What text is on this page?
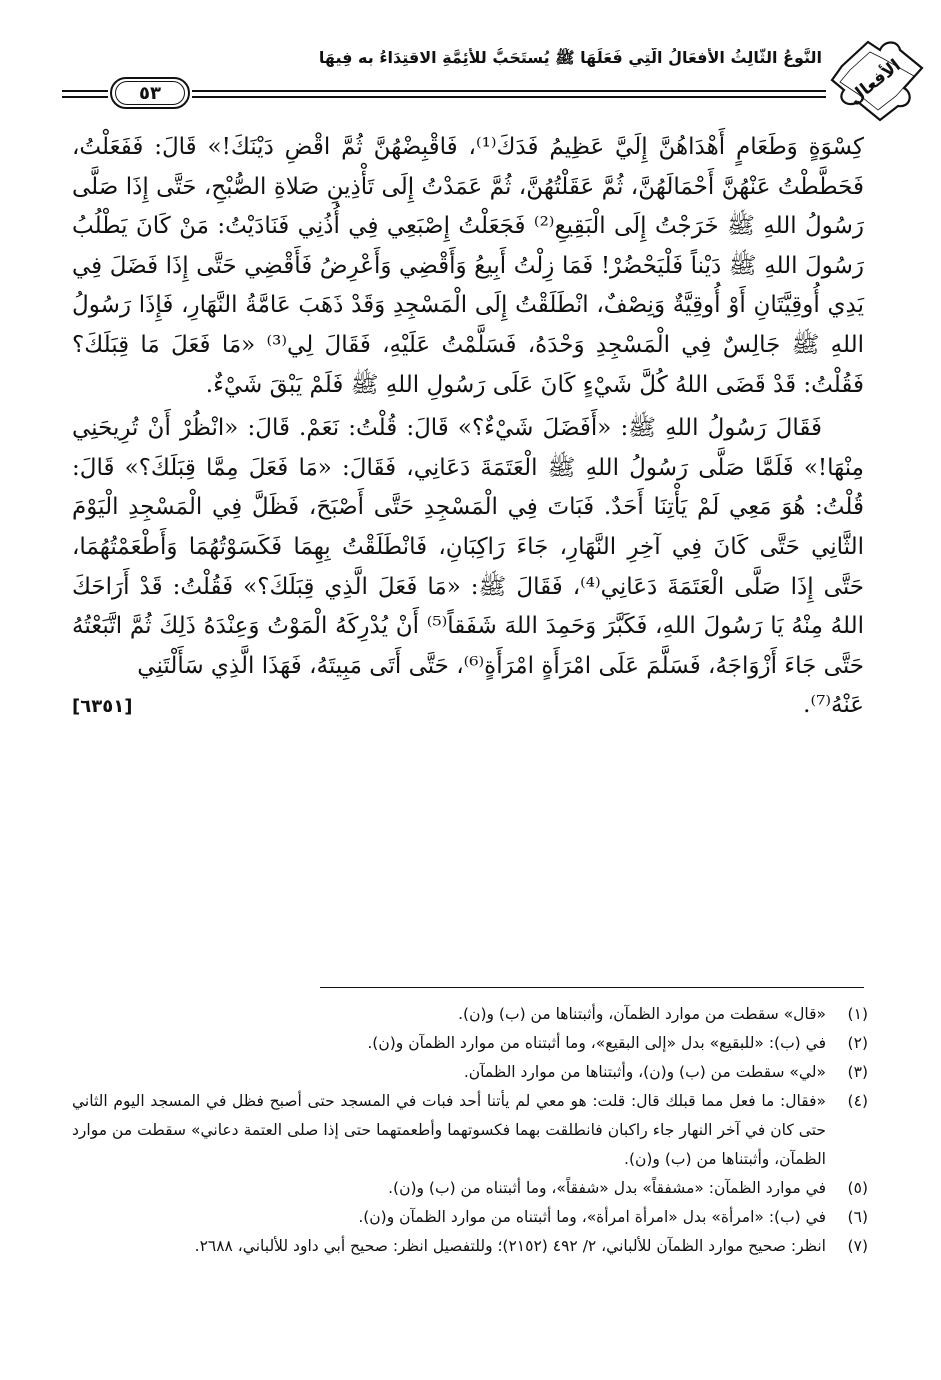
الأفعال
النَّوعُ الثَّالِثُ الأَفعَالُ الَّتِي فَعَلَهَا ﷺ يُستَحَبُّ للأئِمَّةِ الاقتِدَاءُ به فِيهَا
٥٣

كِسْوَةٍ وَطَعَامٍ أَهْدَاهُنَّ إِلَيَّ عَظِيمُ فَدَكَ⁽¹⁾، فَاقْبِضْهُنَّ ثُمَّ اقْضِ دَيْنَكَ!» قَالَ: فَفَعَلْتُ، فَحَطَّطْتُ عَنْهُنَّ أَحْمَالَهُنَّ، ثُمَّ عَقَلْتُهُنَّ، ثُمَّ عَمَدْتُ إِلَى تَأْذِينِ صَلاةِ الصُّبْحِ، حَتَّى إِذَا صَلَّى رَسُولُ اللهِ ﷺ خَرَجْتُ إِلَى الْبَقِيعِ⁽²⁾ فَجَعَلْتُ إِصْبَعِي فِي أُذُنِي فَنَادَيْتُ: مَنْ كَانَ يَطْلُبُ رَسُولَ اللهِ ﷺ دَيْناً فَلْيَحْضُرْ! فَمَا زِلْتُ أَبِيعُ وَأَقْضِي وَأَعْرِضُ فَأَقْضِي حَتَّى إِذَا فَضَلَ فِي يَدِي أُوقِيَّتَانِ أَوْ أُوقِيَّةٌ وَنِصْفٌ، انْطَلَقْتُ إِلَى الْمَسْجِدِ وَقَدْ ذَهَبَ عَامَّةُ النَّهَارِ، فَإِذَا رَسُولُ اللهِ ﷺ جَالِسٌ فِي الْمَسْجِدِ وَحْدَهُ، فَسَلَّمْتُ عَلَيْهِ، فَقَالَ لِي⁽³⁾ «مَا فَعَلَ مَا قِبَلَكَ؟ فَقُلْتُ: قَدْ قَضَى اللهُ كُلَّ شَيْءٍ كَانَ عَلَى رَسُولِ اللهِ ﷺ فَلَمْ يَبْقَ شَيْءٌ.

فَقَالَ رَسُولُ اللهِ ﷺ: «أَفَضَلَ شَيْءٌ؟» قَالَ: قُلْتُ: نَعَمْ. قَالَ: «انْظُرْ أَنْ تُرِيحَنِي مِنْهَا!» فَلَمَّا صَلَّى رَسُولُ اللهِ ﷺ الْعَتَمَةَ دَعَانِي، فَقَالَ: «مَا فَعَلَ مِمَّا قِبَلَكَ؟» قَالَ: قُلْتُ: هُوَ مَعِي لَمْ يَأْتِنَا أَحَدٌ. فَبَاتَ فِي الْمَسْجِدِ حَتَّى أَصْبَحَ، فَظَلَّ فِي الْمَسْجِدِ الْيَوْمَ الثَّانِي حَتَّى كَانَ فِي آخِرِ النَّهَارِ، جَاءَ رَاكِبَانِ، فَانْطَلَقْتُ بِهِمَا فَكَسَوْتُهُمَا وَأَطْعَمْتُهُمَا، حَتَّى إِذَا صَلَّى الْعَتَمَةَ دَعَانِي⁽⁴⁾، فَقَالَ ﷺ: «مَا فَعَلَ الَّذِي قِبَلَكَ؟» فَقُلْتُ: قَدْ أَرَاحَكَ اللهُ مِنْهُ يَا رَسُولَ اللهِ، فَكَبَّرَ وَحَمِدَ اللهَ شَفَقاً⁽⁵⁾ أَنْ يُدْرِكَهُ الْمَوْتُ وَعِنْدَهُ ذَلِكَ ثُمَّ اتَّبَعْتُهُ حَتَّى جَاءَ أَزْوَاجَهُ، فَسَلَّمَ عَلَى امْرَأَةٍ امْرَأَةٍ⁽⁶⁾، حَتَّى أَتَى مَبِيتَهُ، فَهَذَا الَّذِي سَأَلْتَنِي

عَنْهُ⁽⁷⁾.
[٦٣٥١]
(١)
«قال» سقطت من موارد الظمآن، وأثبتناها من (ب) و(ن).
(٢)
في (ب): «للبقيع» بدل «إلى البقيع»، وما أثبتناه من موارد الظمآن و(ن).
(٣)
«لي» سقطت من (ب) و(ن)، وأثبتناها من موارد الظمآن.
(٤)
«فقال: ما فعل مما قبلك قال: قلت: هو معي لم يأتنا أحد فبات في المسجد حتى أصبح فظل في المسجد اليوم الثاني حتى كان في آخر النهار جاء راكبان فانطلقت بهما فكسوتهما وأطعمتهما حتى إذا صلى العتمة دعاني» سقطت من موارد الظمآن، وأثبتناها من (ب) و(ن).
(٥)
في موارد الظمآن: «مشفقاً» بدل «شفقاً»، وما أثبتناه من (ب) و(ن).
(٦)
في (ب): «امرأة» بدل «امرأة امرأة»، وما أثبتناه من موارد الظمآن و(ن).
(٧)
انظر: صحيح موارد الظمآن للألباني، ٢/ ٤٩٢ (٢١٥٢)؛ وللتفصيل انظر: صحيح أبي داود للألباني، ٢٦٨٨.
